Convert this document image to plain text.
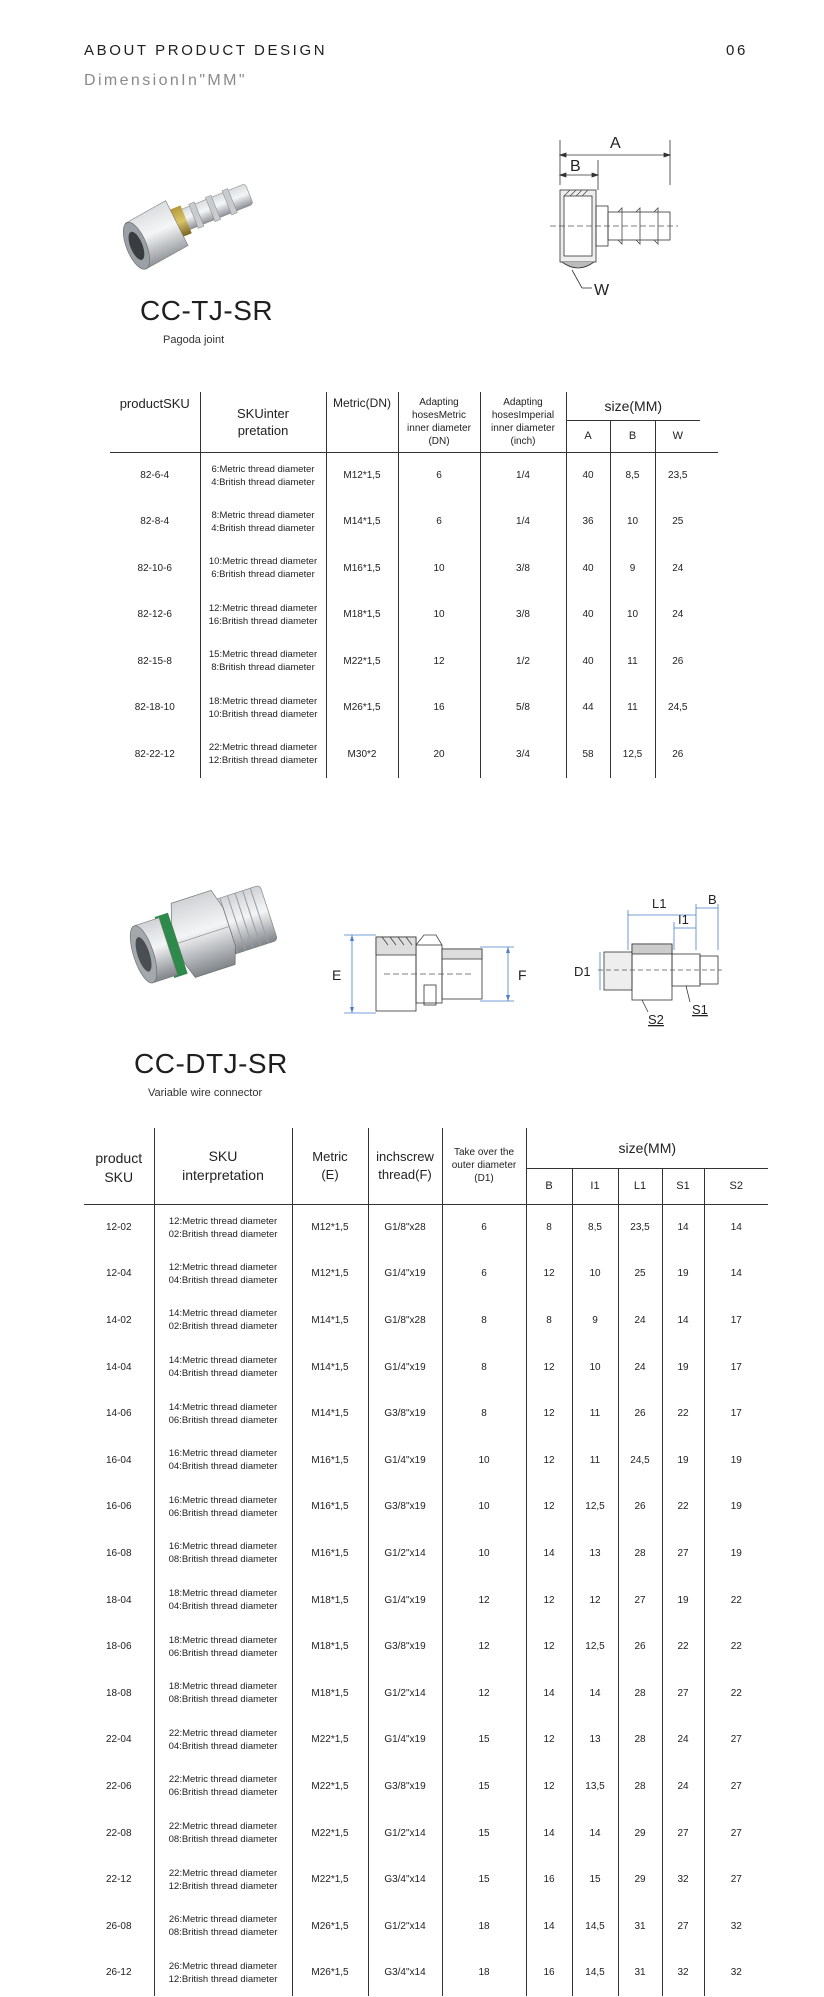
ABOUT PRODUCT DESIGN	06
DimensionIn"MM"
CC-TJ-SR
Pagoda joint
A
B
W
productSKU	SKUinter pretation	Metric(DN)	Adapting hosesMetric inner diameter (DN)	Adapting hosesImperial inner diameter (inch)	size(MM)			
					A	B	W	
82-6-4	6:Metric thread diameter
4:British thread diameter	M12*1,5	6	1/4	40	8,5	23,5	
82-8-4	8:Metric thread diameter
4:British thread diameter	M14*1,5	6	1/4	36	10	25	
82-10-6	10:Metric thread diameter
6:British thread diameter	M16*1,5	10	3/8	40	9	24	
82-12-6	12:Metric thread diameter
16:British thread diameter	M18*1,5	10	3/8	40	10	24	
82-15-8	15:Metric thread diameter
8:British thread diameter	M22*1,5	12	1/2	40	11	26	
82-18-10	18:Metric thread diameter
10:British thread diameter	M26*1,5	16	5/8	44	11	24,5	
82-22-12	22:Metric thread diameter
12:British thread diameter	M30*2	20	3/4	58	12,5	26	
E	F
L1	B
I1
D1
S2
S1
CC-DTJ-SR
Variable wire connector
product SKU	SKU interpretation	Metric (E)	inchscrew thread(F)	Take over the outer diameter (D1)	size(MM)				
					B	I1	L1	S1	S2
12-02	12:Metric thread diameter
02:British thread diameter	M12*1,5	G1/8"x28	6	8	8,5	23,5	14	14
12-04	12:Metric thread diameter
04:British thread diameter	M12*1,5	G1/4"x19	6	12	10	25	19	14
14-02	14:Metric thread diameter
02:British thread diameter	M14*1,5	G1/8"x28	8	8	9	24	14	17
14-04	14:Metric thread diameter
04:British thread diameter	M14*1,5	G1/4"x19	8	12	10	24	19	17
14-06	14:Metric thread diameter
06:British thread diameter	M14*1,5	G3/8"x19	8	12	11	26	22	17
16-04	16:Metric thread diameter
04:British thread diameter	M16*1,5	G1/4"x19	10	12	11	24,5	19	19
16-06	16:Metric thread diameter
06:British thread diameter	M16*1,5	G3/8"x19	10	12	12,5	26	22	19
16-08	16:Metric thread diameter
08:British thread diameter	M16*1,5	G1/2"x14	10	14	13	28	27	19
18-04	18:Metric thread diameter
04:British thread diameter	M18*1,5	G1/4"x19	12	12	12	27	19	22
18-06	18:Metric thread diameter
06:British thread diameter	M18*1,5	G3/8"x19	12	12	12,5	26	22	22
18-08	18:Metric thread diameter
08:British thread diameter	M18*1,5	G1/2"x14	12	14	14	28	27	22
22-04	22:Metric thread diameter
04:British thread diameter	M22*1,5	G1/4"x19	15	12	13	28	24	27
22-06	22:Metric thread diameter
06:British thread diameter	M22*1,5	G3/8"x19	15	12	13,5	28	24	27
22-08	22:Metric thread diameter
08:British thread diameter	M22*1,5	G1/2"x14	15	14	14	29	27	27
22-12	22:Metric thread diameter
12:British thread diameter	M22*1,5	G3/4"x14	15	16	15	29	32	27
26-08	26:Metric thread diameter
08:British thread diameter	M26*1,5	G1/2"x14	18	14	14,5	31	27	32
26-12	26:Metric thread diameter
12:British thread diameter	M26*1,5	G3/4"x14	18	16	14,5	31	32	32
